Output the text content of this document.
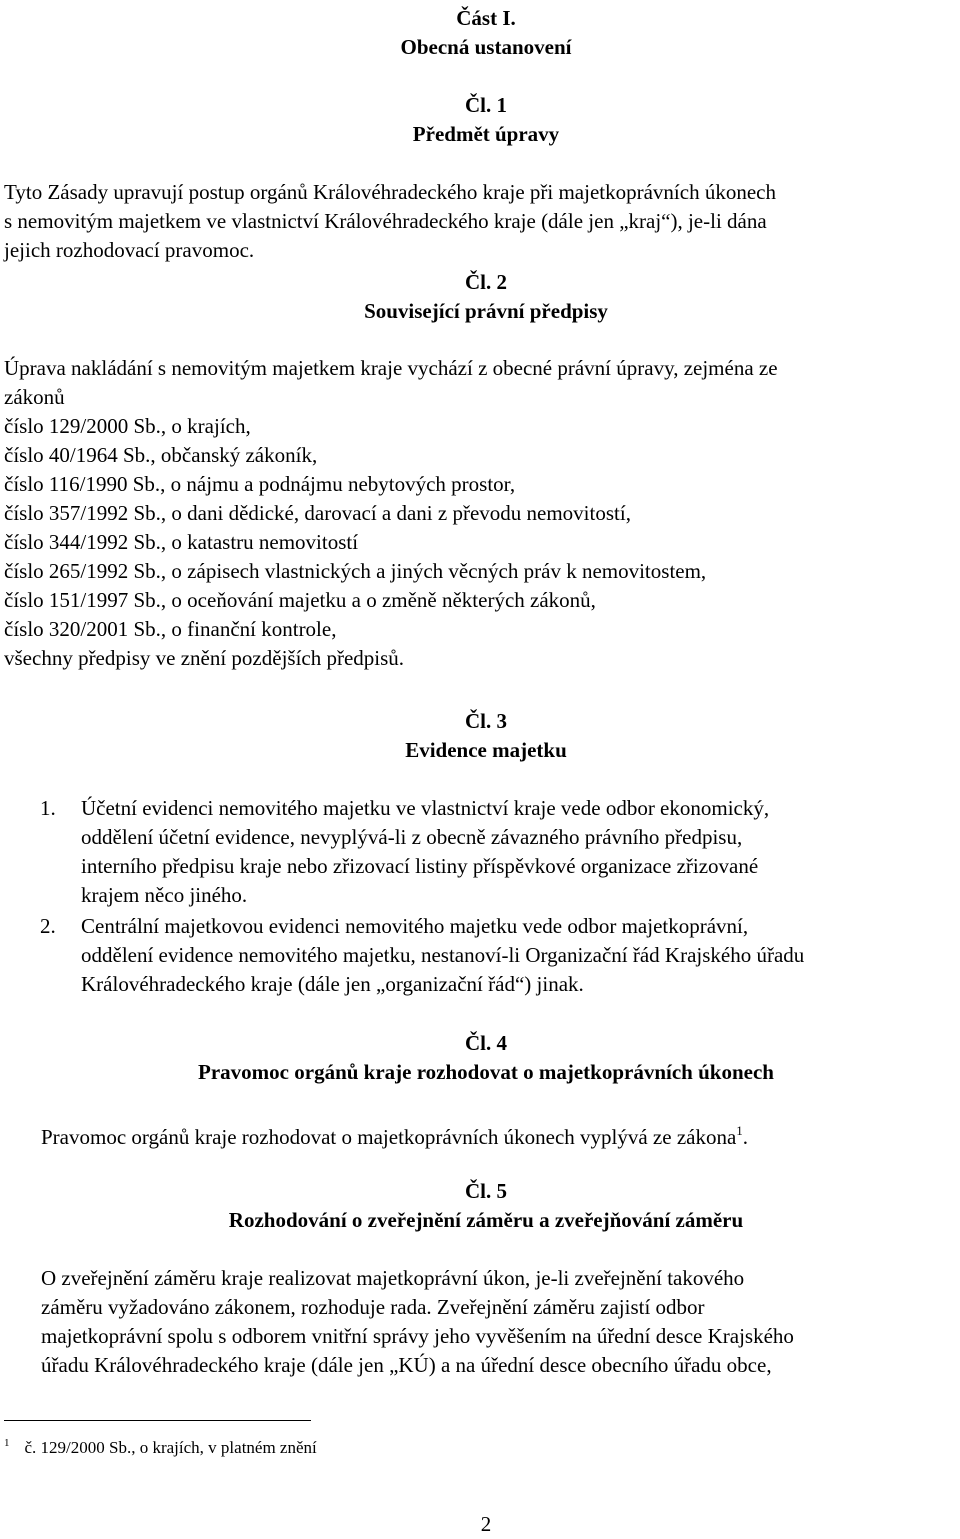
Část I.
Obecná ustanovení
Čl. 1
Předmět úpravy
Tyto Zásady upravují postup orgánů Královéhradeckého kraje při majetkoprávních úkonech
s nemovitým majetkem ve vlastnictví Královéhradeckého kraje (dále jen „kraj“), je-li dána
jejich rozhodovací pravomoc.
Čl. 2
Související právní předpisy
Úprava nakládání s nemovitým majetkem kraje vychází z obecné právní úpravy, zejména ze
zákonů
číslo 129/2000 Sb., o krajích,
číslo 40/1964 Sb., občanský zákoník,
číslo 116/1990 Sb., o nájmu a podnájmu nebytových prostor,
číslo 357/1992 Sb., o dani dědické, darovací a dani z převodu nemovitostí,
číslo 344/1992 Sb., o katastru nemovitostí
číslo 265/1992 Sb., o zápisech vlastnických a jiných věcných práv k nemovitostem,
číslo 151/1997 Sb., o oceňování majetku a o změně některých zákonů,
číslo 320/2001 Sb., o finanční kontrole,
všechny předpisy ve znění pozdějších předpisů.
Čl. 3
Evidence majetku
1. Účetní evidenci nemovitého majetku ve vlastnictví kraje vede odbor ekonomický,
oddělení účetní evidence, nevyplývá-li z obecně závazného právního předpisu,
interního předpisu kraje nebo zřizovací listiny příspěvkové organizace zřizované
krajem něco jiného.
2. Centrální majetkovou evidenci nemovitého majetku vede odbor majetkoprávní,
oddělení evidence nemovitého majetku, nestanoví-li Organizační řád Krajského úřadu
Královéhradeckého kraje (dále jen „organizační řád“) jinak.
Čl. 4
Pravomoc orgánů kraje rozhodovat o majetkoprávních úkonech
Pravomoc orgánů kraje rozhodovat o majetkoprávních úkonech vyplývá ze zákona$^1$.
Čl. 5
Rozhodování o zveřejnění záměru a zveřejňování záměru
O zveřejnění záměru kraje realizovat majetkoprávní úkon, je-li zveřejnění takového
záměru vyžadováno zákonem, rozhoduje rada. Zveřejnění záměru zajistí odbor
majetkoprávní spolu s odborem vnitřní správy jeho vyvěšením na úřední desce Krajského
úřadu Královéhradeckého kraje (dále jen „KÚ) a na úřední desce obecního úřadu obce,
$^1$ č. 129/2000 Sb., o krajích, v platném znění
2
